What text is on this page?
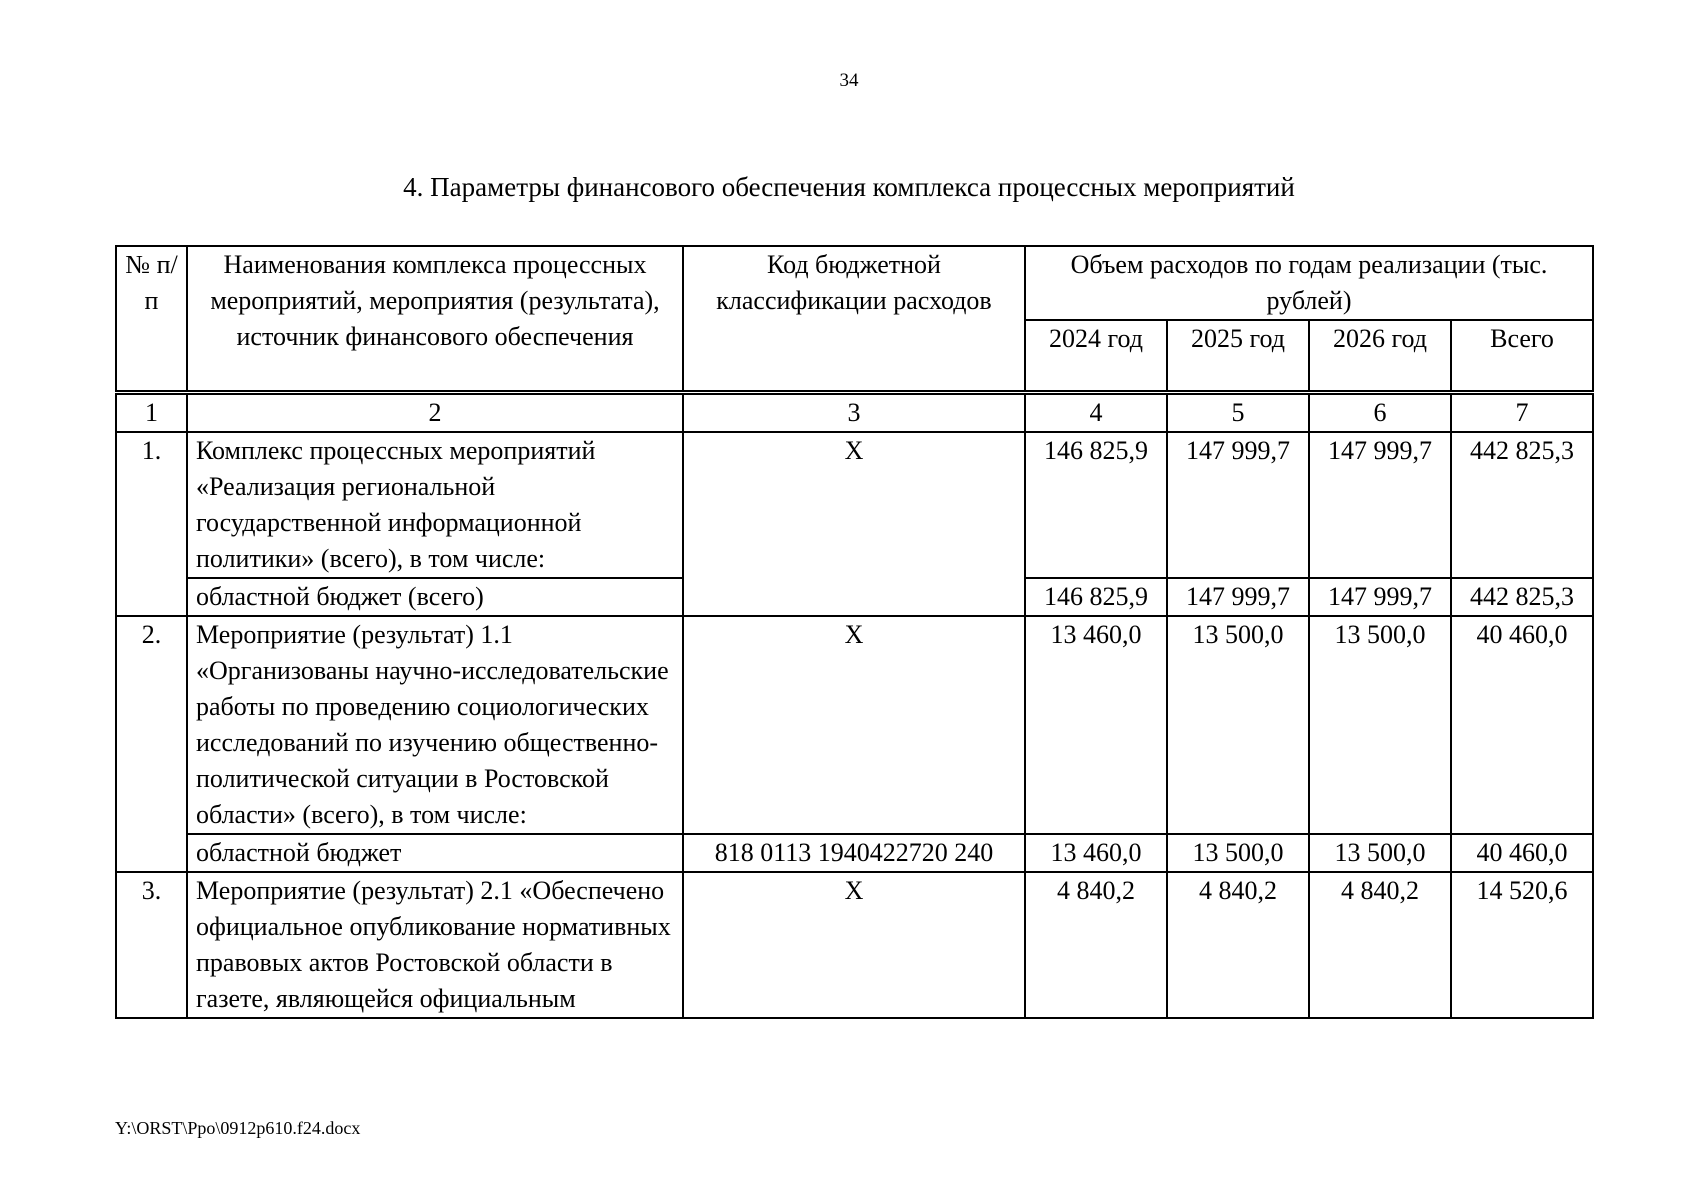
34
4. Параметры финансового обеспечения комплекса процессных мероприятий
№ п/п	Наименования комплекса процессных мероприятий, мероприятия (результата), источник финансового обеспечения	Код бюджетной классификации расходов	Объем расходов по годам реализации (тыс. рублей)			
			2024 год	2025 год	2026 год	Всего
1	2	3	4	5	6	7
1.	Комплекс процессных мероприятий «Реализация региональной государственной информационной политики» (всего), в том числе:	X	146 825,9	147 999,7	147 999,7	442 825,3
	областной бюджет (всего)		146 825,9	147 999,7	147 999,7	442 825,3
2.	Мероприятие (результат) 1.1 «Организованы научно-исследовательские работы по проведению социологических исследований по изучению общественно-политической ситуации в Ростовской области» (всего), в том числе:	X	13 460,0	13 500,0	13 500,0	40 460,0
	областной бюджет	818 0113 1940422720 240	13 460,0	13 500,0	13 500,0	40 460,0
3.	Мероприятие (результат) 2.1 «Обеспечено официальное опубликование нормативных правовых актов Ростовской области в газете, являющейся официальным	X	4 840,2	4 840,2	4 840,2	14 520,6
Y:\ORST\Ppo\0912p610.f24.docx
